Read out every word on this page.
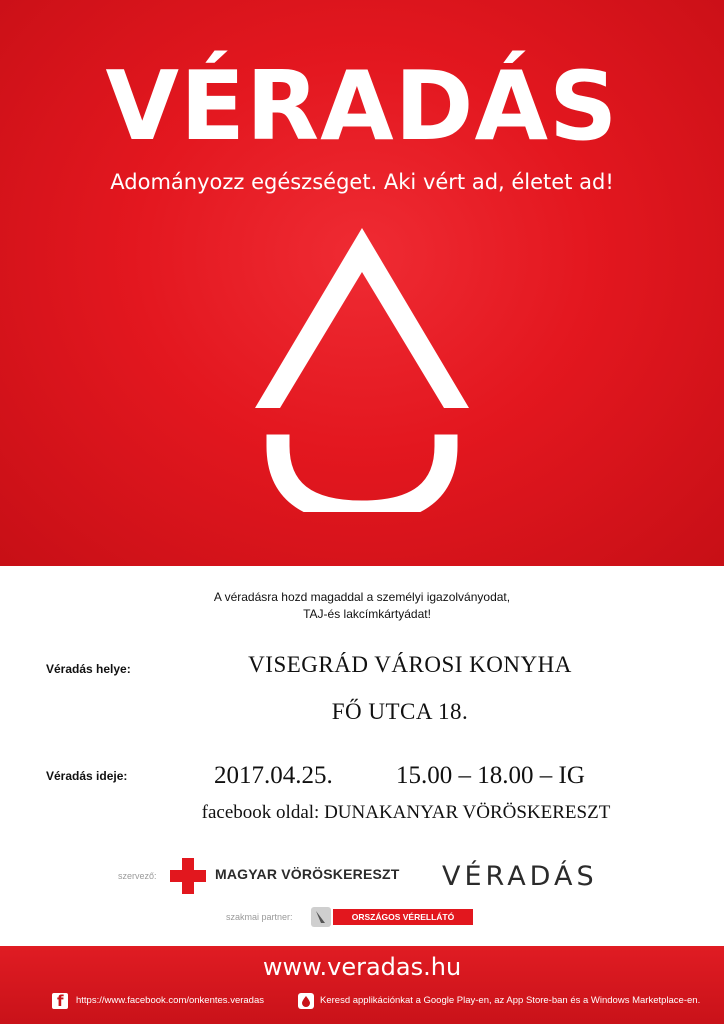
VÉRADÁS
Adományozz egészséget. Aki vért ad, életet ad!
A véradásra hozd magaddal a személyi igazolványodat,
TAJ-és lakcímkártyádat!
Véradás helye:	VISEGRÁD VÁROSI KONYHA
FŐ UTCA 18.
Véradás ideje:	2017.04.25.	15.00 – 18.00 – IG
facebook oldal: DUNAKANYAR VÖRÖSKERESZT
szervező:	MAGYAR VÖRÖSKERESZT VÉRADÁS
szakmai partner:	ORSZÁGOS VÉRELLÁTÓ SZOLGÁLAT
www.veradas.hu
f https://www.facebook.com/onkentes.veradas	Keresd applikációnkat a Google Play-en, az App Store-ban és a Windows Marketplace-en.
